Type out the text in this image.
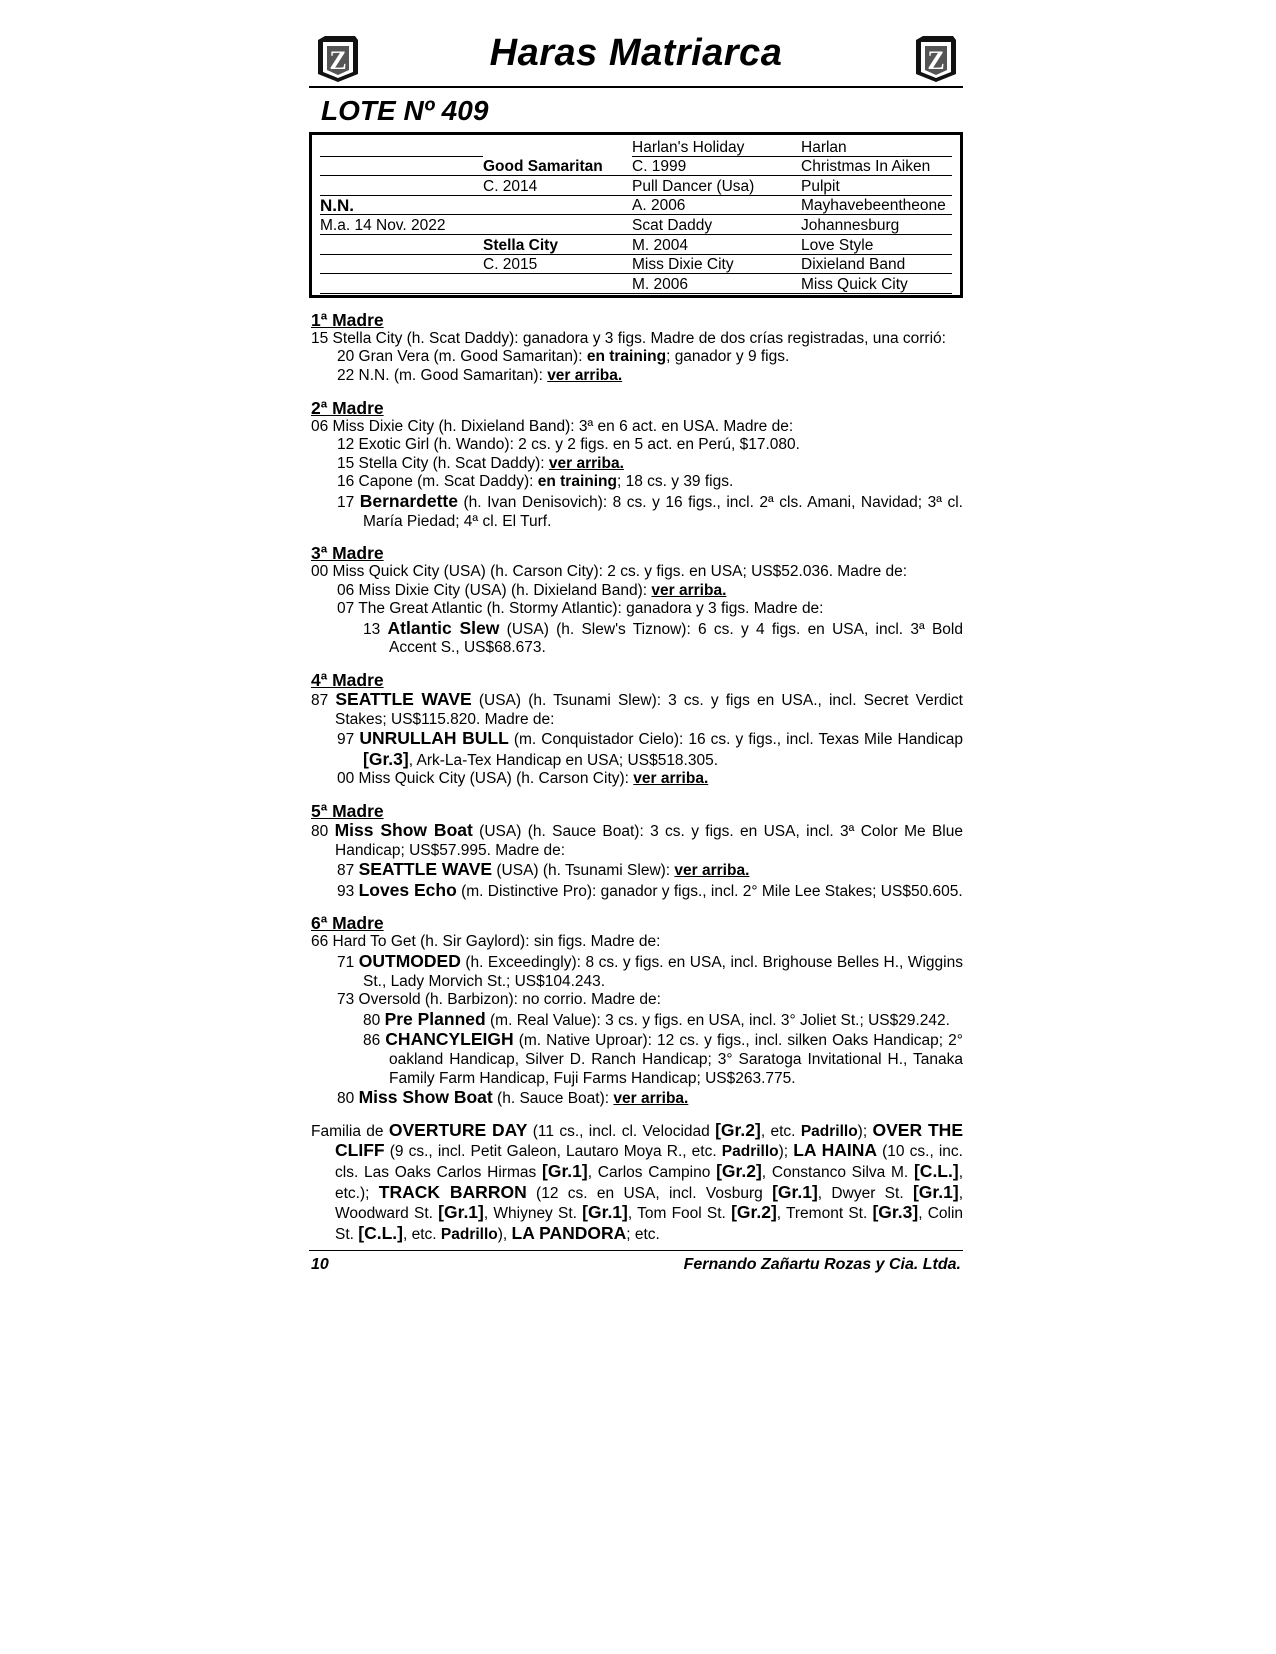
Z	Haras Matriarca	Z
LOTE Nº 409
		Harlan's Holiday	Harlan
	Good Samaritan	C. 1999	Christmas In Aiken
	C. 2014	Pull Dancer (Usa)	Pulpit
N.N.		A. 2006	Mayhavebeentheone
M.a. 14 Nov. 2022		Scat Daddy	Johannesburg
	Stella City	M. 2004	Love Style
	C. 2015	Miss Dixie City	Dixieland Band
		M. 2006	Miss Quick City
1ª Madre
15 Stella City (h. Scat Daddy): ganadora y 3 figs. Madre de dos crías registradas, una corrió:
20 Gran Vera (m. Good Samaritan): en training; ganador y 9 figs.
22 N.N. (m. Good Samaritan): ver arriba.
2ª Madre
06 Miss Dixie City (h. Dixieland Band): 3ª en 6 act. en USA. Madre de:
12 Exotic Girl (h. Wando): 2 cs. y 2 figs. en 5 act. en Perú, $17.080.
15 Stella City (h. Scat Daddy): ver arriba.
16 Capone (m. Scat Daddy): en training; 18 cs. y 39 figs.
17 Bernardette (h. Ivan Denisovich): 8 cs. y 16 figs., incl. 2ª cls. Amani, Navidad; 3ª cl. María Piedad; 4ª cl. El Turf.
3ª Madre
00 Miss Quick City (USA) (h. Carson City): 2 cs. y figs. en USA; US$52.036. Madre de:
06 Miss Dixie City (USA) (h. Dixieland Band): ver arriba.
07 The Great Atlantic (h. Stormy Atlantic): ganadora y 3 figs. Madre de:
13 Atlantic Slew (USA) (h. Slew's Tiznow): 6 cs. y 4 figs. en USA, incl. 3ª Bold Accent S., US$68.673.
4ª Madre
87 SEATTLE WAVE (USA) (h. Tsunami Slew): 3 cs. y figs en USA., incl. Secret Verdict Stakes; US$115.820. Madre de:
97 UNRULLAH BULL (m. Conquistador Cielo): 16 cs. y figs., incl. Texas Mile Handicap [Gr.3], Ark-La-Tex Handicap en USA; US$518.305.
00 Miss Quick City (USA) (h. Carson City): ver arriba.
5ª Madre
80 Miss Show Boat (USA) (h. Sauce Boat): 3 cs. y figs. en USA, incl. 3ª Color Me Blue Handicap; US$57.995. Madre de:
87 SEATTLE WAVE (USA) (h. Tsunami Slew): ver arriba.
93 Loves Echo (m. Distinctive Pro): ganador y figs., incl. 2° Mile Lee Stakes; US$50.605.
6ª Madre
66 Hard To Get (h. Sir Gaylord): sin figs. Madre de:
71 OUTMODED (h. Exceedingly): 8 cs. y figs. en USA, incl. Brighouse Belles H., Wiggins St., Lady Morvich St.; US$104.243.
73 Oversold (h. Barbizon): no corrio. Madre de:
80 Pre Planned (m. Real Value): 3 cs. y figs. en USA, incl. 3° Joliet St.; US$29.242.
86 CHANCYLEIGH (m. Native Uproar): 12 cs. y figs., incl. silken Oaks Handicap; 2° oakland Handicap, Silver D. Ranch Handicap; 3° Saratoga Invitational H., Tanaka Family Farm Handicap, Fuji Farms Handicap; US$263.775.
80 Miss Show Boat (h. Sauce Boat): ver arriba.
Familia de OVERTURE DAY (11 cs., incl. cl. Velocidad [Gr.2], etc. Padrillo); OVER THE CLIFF (9 cs., incl. Petit Galeon, Lautaro Moya R., etc. Padrillo); LA HAINA (10 cs., inc. cls. Las Oaks Carlos Hirmas [Gr.1], Carlos Campino [Gr.2], Constanco Silva M. [C.L.], etc.); TRACK BARRON (12 cs. en USA, incl. Vosburg [Gr.1], Dwyer St. [Gr.1], Woodward St. [Gr.1], Whiyney St. [Gr.1], Tom Fool St. [Gr.2], Tremont St. [Gr.3], Colin St. [C.L.], etc. Padrillo), LA PANDORA; etc.
10	Fernando Zañartu Rozas y Cia. Ltda.
